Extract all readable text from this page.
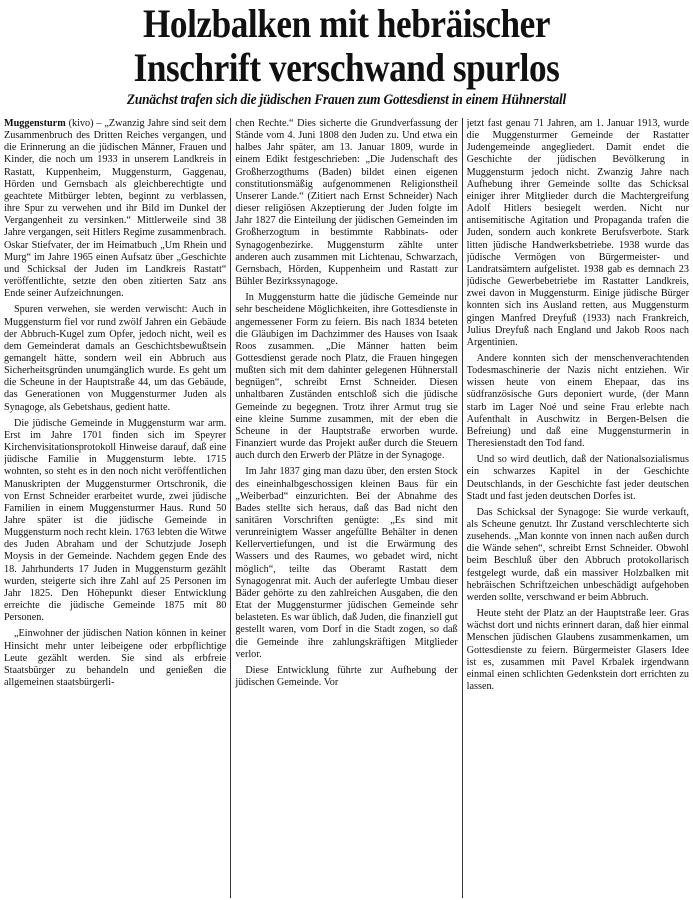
Holzbalken mit hebräischer
Inschrift verschwand spurlos
Zunächst trafen sich die jüdischen Frauen zum Gottesdienst in einem Hühnerstall

Muggensturm (kivo) – „Zwanzig Jahre sind seit dem Zusammenbruch des Dritten Reiches vergangen, und die Erinnerung an die jüdischen Männer, Frauen und Kinder, die noch um 1933 in unserem Landkreis in Rastatt, Kuppenheim, Muggensturm, Gaggenau, Hörden und Gernsbach als gleichberechtigte und geachtete Mitbürger lebten, beginnt zu verblassen, ihre Spur zu verwehen und ihr Bild im Dunkel der Vergangenheit zu versinken.“ Mittlerweile sind 38 Jahre vergangen, seit Hitlers Regime zusammenbrach. Oskar Stiefvater, der im Heimatbuch „Um Rhein und Murg“ im Jahre 1965 einen Aufsatz über „Geschichte und Schicksal der Juden im Landkreis Rastatt“ veröffentlichte, setzte den oben zitierten Satz ans Ende seiner Aufzeichnungen.

Spuren verwehen, sie werden verwischt: Auch in Muggensturm fiel vor rund zwölf Jahren ein Gebäude der Abbruch-Kugel zum Opfer, jedoch nicht, weil es dem Gemeinderat damals an Geschichtsbewußtsein gemangelt hätte, sondern weil ein Abbruch aus Sicherheitsgründen unumgänglich wurde. Es geht um die Scheune in der Hauptstraße 44, um das Gebäude, das Generationen von Muggensturmer Juden als Synagoge, als Gebetshaus, gedient hatte.

Die jüdische Gemeinde in Muggensturm war arm. Erst im Jahre 1701 finden sich im Speyrer Kirchenvisitationsprotokoll Hinweise darauf, daß eine jüdische Familie in Muggensturm lebte. 1715 wohnten, so steht es in den noch nicht veröffentlichen Manuskripten der Muggensturmer Ortschronik, die von Ernst Schneider erarbeitet wurde, zwei jüdische Familien in einem Muggensturmer Haus. Rund 50 Jahre später ist die jüdische Gemeinde in Muggensturm noch recht klein. 1763 lebten die Witwe des Juden Abraham und der Schutzjude Joseph Moysis in der Gemeinde. Nachdem gegen Ende des 18. Jahrhunderts 17 Juden in Muggensturm gezählt wurden, steigerte sich ihre Zahl auf 25 Personen im Jahr 1825. Den Höhepunkt dieser Entwicklung erreichte die jüdische Gemeinde 1875 mit 80 Personen.

„Einwohner der jüdischen Nation können in keiner Hinsicht mehr unter leibeigene oder erbpflichtige Leute gezählt werden. Sie sind als erbfreie Staatsbürger zu behandeln und genießen die allgemeinen staatsbürgerli-

chen Rechte.“ Dies sicherte die Grundverfassung der Stände vom 4. Juni 1808 den Juden zu. Und etwa ein halbes Jahr später, am 13. Januar 1809, wurde in einem Edikt festgeschrieben: „Die Judenschaft des Großherzogthums (Baden) bildet einen eigenen constitutionsmäßig aufgenommenen Religionstheil Unserer Lande.“ (Zitiert nach Ernst Schneider) Nach dieser religiösen Akzeptierung der Juden folgte im Jahr 1827 die Einteilung der jüdischen Gemeinden im Großherzogtum in bestimmte Rabbinats- oder Synagogenbezirke. Muggensturm zählte unter anderen auch zusammen mit Lichtenau, Schwarzach, Gernsbach, Hörden, Kuppenheim und Rastatt zur Bühler Bezirkssynagoge.

In Muggensturm hatte die jüdische Gemeinde nur sehr bescheidene Möglichkeiten, ihre Gottesdienste in angemessener Form zu feiern. Bis nach 1834 beteten die Gläubigen im Dachzimmer des Hauses von Isaak Roos zusammen. „Die Männer hatten beim Gottesdienst gerade noch Platz, die Frauen hingegen mußten sich mit dem dahinter gelegenen Hühnerstall begnügen“, schreibt Ernst Schneider. Diesen unhaltbaren Zuständen entschloß sich die jüdische Gemeinde zu begegnen. Trotz ihrer Armut trug sie eine kleine Summe zusammen, mit der eben die Scheune in der Hauptstraße erworben wurde. Finanziert wurde das Projekt außer durch die Steuern auch durch den Erwerb der Plätze in der Synagoge.

Im Jahr 1837 ging man dazu über, den ersten Stock des eineinhalbgeschossigen kleinen Baus für ein „Weiberbad“ einzurichten. Bei der Abnahme des Bades stellte sich heraus, daß das Bad nicht den sanitären Vorschriften genügte: „Es sind mit verunreinigtem Wasser angefüllte Behälter in denen Kellervertiefungen, und ist die Erwärmung des Wassers und des Raumes, wo gebadet wird, nicht möglich“, teilte das Oberamt Rastatt dem Synagogenrat mit. Auch der auferlegte Umbau dieser Bäder gehörte zu den zahlreichen Ausgaben, die den Etat der Muggensturmer jüdischen Gemeinde sehr belasteten. Es war üblich, daß Juden, die finanziell gut gestellt waren, vom Dorf in die Stadt zogen, so daß die Gemeinde ihre zahlungskräftigen Mitglieder verlor.

Diese Entwicklung führte zur Aufhebung der jüdischen Gemeinde. Vor

jetzt fast genau 71 Jahren, am 1. Januar 1913, wurde die Muggensturmer Gemeinde der Rastatter Judengemeinde angegliedert. Damit endet die Geschichte der jüdischen Bevölkerung in Muggensturm jedoch nicht. Zwanzig Jahre nach Aufhebung ihrer Gemeinde sollte das Schicksal einiger ihrer Mitglieder durch die Machtergreifung Adolf Hitlers besiegelt werden. Nicht nur antisemitische Agitation und Propaganda trafen die Juden, sondern auch konkrete Berufsverbote. Stark litten jüdische Handwerksbetriebe. 1938 wurde das jüdische Vermögen von Bürgermeister- und Landratsämtern aufgelistet. 1938 gab es demnach 23 jüdische Gewerbebetriebe im Rastatter Landkreis, zwei davon in Muggensturm. Einige jüdische Bürger konnten sich ins Ausland retten, aus Muggensturm gingen Manfred Dreyfuß (1933) nach Frankreich, Julius Dreyfuß nach England und Jakob Roos nach Argentinien.

Andere konnten sich der menschenverachtenden Todesmaschinerie der Nazis nicht entziehen. Wir wissen heute von einem Ehepaar, das ins südfranzösische Gurs deponiert wurde, (der Mann starb im Lager Noé und seine Frau erlebte nach Aufenthalt in Auschwitz in Bergen-Belsen die Befreiung) und daß eine Muggensturmerin in Theresienstadt den Tod fand.

Und so wird deutlich, daß der Nationalsozialismus ein schwarzes Kapitel in der Geschichte Deutschlands, in der Geschichte fast jeder deutschen Stadt und fast jeden deutschen Dorfes ist.

Das Schicksal der Synagoge: Sie wurde verkauft, als Scheune genutzt. Ihr Zustand verschlechterte sich zusehends. „Man konnte von innen nach außen durch die Wände sehen“, schreibt Ernst Schneider. Obwohl beim Beschluß über den Abbruch protokollarisch festgelegt wurde, daß ein massiver Holzbalken mit hebräischen Schriftzeichen unbeschädigt aufgehoben werden sollte, verschwand er beim Abbruch.

Heute steht der Platz an der Hauptstraße leer. Gras wächst dort und nichts erinnert daran, daß hier einmal Menschen jüdischen Glaubens zusammenkamen, um Gottesdienste zu feiern. Bürgermeister Glasers Idee ist es, zusammen mit Pavel Krbalek irgendwann einmal einen schlichten Gedenkstein dort errichten zu lassen.
